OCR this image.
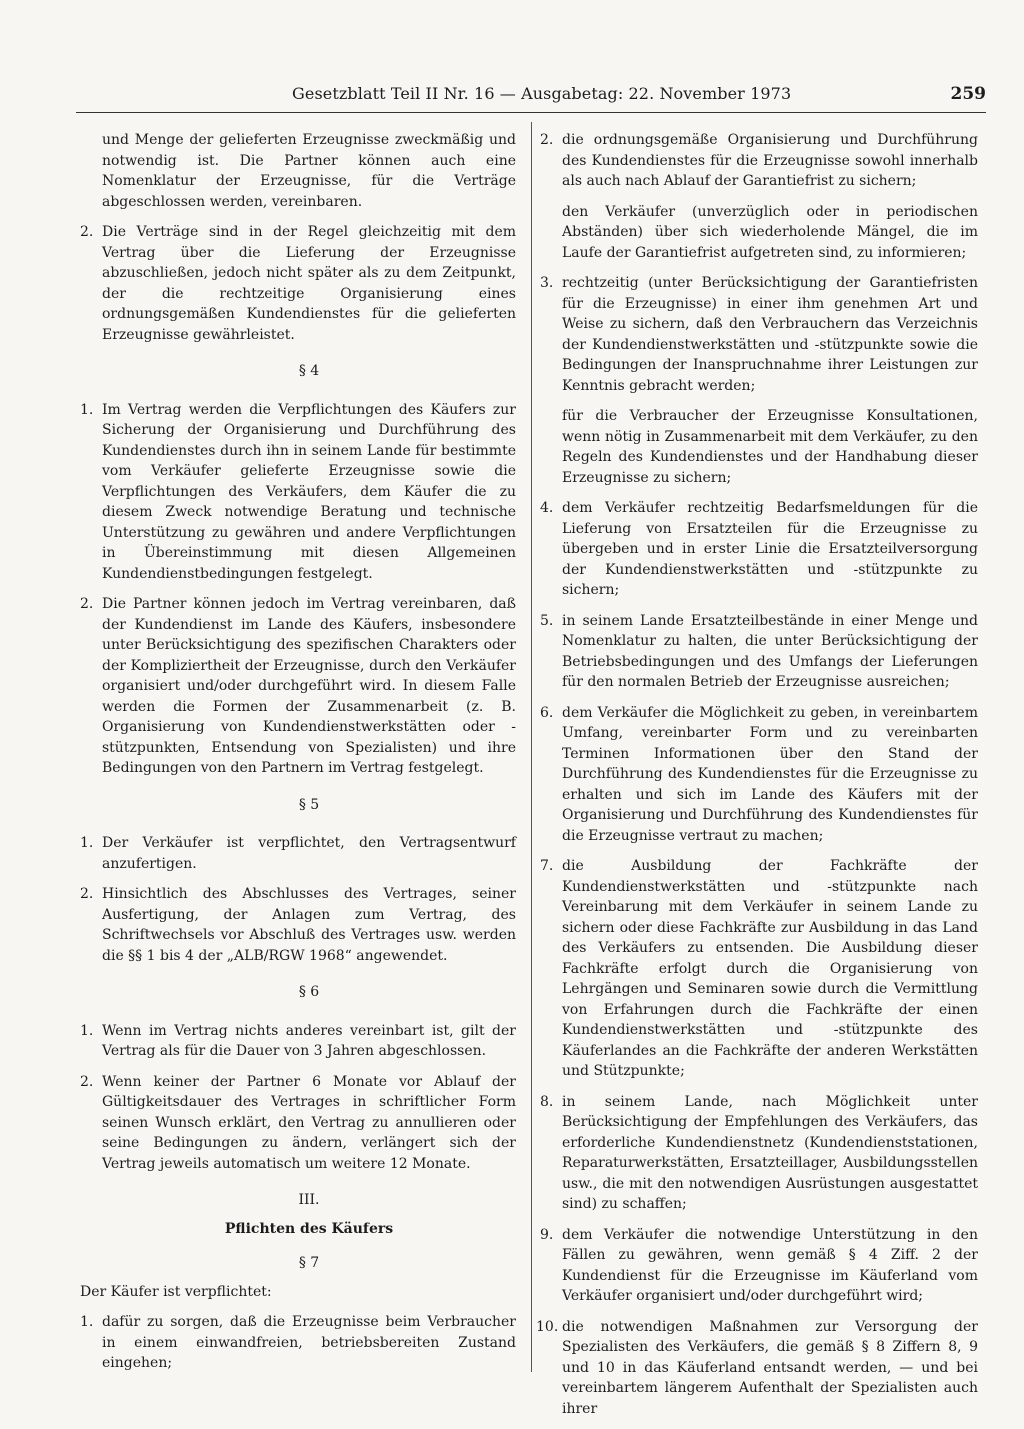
Gesetzblatt Teil II Nr. 16 — Ausgabetag: 22. November 1973	259
und Menge der gelieferten Erzeugnisse zweckmäßig und notwendig ist. Die Partner können auch eine Nomenklatur der Erzeugnisse, für die Verträge abgeschlossen werden, vereinbaren.
2. Die Verträge sind in der Regel gleichzeitig mit dem Vertrag über die Lieferung der Erzeugnisse abzuschließen, jedoch nicht später als zu dem Zeitpunkt, der die rechtzeitige Organisierung eines ordnungsgemäßen Kundendienstes für die gelieferten Erzeugnisse gewährleistet.
§ 4
1. Im Vertrag werden die Verpflichtungen des Käufers zur Sicherung der Organisierung und Durchführung des Kundendienstes durch ihn in seinem Lande für bestimmte vom Verkäufer gelieferte Erzeugnisse sowie die Verpflichtungen des Verkäufers, dem Käufer die zu diesem Zweck notwendige Beratung und technische Unterstützung zu gewähren und andere Verpflichtungen in Übereinstimmung mit diesen Allgemeinen Kundendienstbedingungen festgelegt.
2. Die Partner können jedoch im Vertrag vereinbaren, daß der Kundendienst im Lande des Käufers, insbesondere unter Berücksichtigung des spezifischen Charakters oder der Kompliziertheit der Erzeugnisse, durch den Verkäufer organisiert und/oder durchgeführt wird. In diesem Falle werden die Formen der Zusammenarbeit (z. B. Organisierung von Kundendienstwerkstätten oder -stützpunkten, Entsendung von Spezialisten) und ihre Bedingungen von den Partnern im Vertrag festgelegt.
§ 5
1. Der Verkäufer ist verpflichtet, den Vertragsentwurf anzufertigen.
2. Hinsichtlich des Abschlusses des Vertrages, seiner Ausfertigung, der Anlagen zum Vertrag, des Schriftwechsels vor Abschluß des Vertrages usw. werden die §§ 1 bis 4 der „ALB/RGW 1968“ angewendet.
§ 6
1. Wenn im Vertrag nichts anderes vereinbart ist, gilt der Vertrag als für die Dauer von 3 Jahren abgeschlossen.
2. Wenn keiner der Partner 6 Monate vor Ablauf der Gültigkeitsdauer des Vertrages in schriftlicher Form seinen Wunsch erklärt, den Vertrag zu annullieren oder seine Bedingungen zu ändern, verlängert sich der Vertrag jeweils automatisch um weitere 12 Monate.
III.
Pflichten des Käufers
§ 7
Der Käufer ist verpflichtet:
1. dafür zu sorgen, daß die Erzeugnisse beim Verbraucher in einem einwandfreien, betriebsbereiten Zustand eingehen;
2. die ordnungsgemäße Organisierung und Durchführung des Kundendienstes für die Erzeugnisse sowohl innerhalb als auch nach Ablauf der Garantiefrist zu sichern;
den Verkäufer (unverzüglich oder in periodischen Abständen) über sich wiederholende Mängel, die im Laufe der Garantiefrist aufgetreten sind, zu informieren;
3. rechtzeitig (unter Berücksichtigung der Garantiefristen für die Erzeugnisse) in einer ihm genehmen Art und Weise zu sichern, daß den Verbrauchern das Verzeichnis der Kundendienstwerkstätten und -stützpunkte sowie die Bedingungen der Inanspruchnahme ihrer Leistungen zur Kenntnis gebracht werden;
für die Verbraucher der Erzeugnisse Konsultationen, wenn nötig in Zusammenarbeit mit dem Verkäufer, zu den Regeln des Kundendienstes und der Handhabung dieser Erzeugnisse zu sichern;
4. dem Verkäufer rechtzeitig Bedarfsmeldungen für die Lieferung von Ersatzteilen für die Erzeugnisse zu übergeben und in erster Linie die Ersatzteilversorgung der Kundendienstwerkstätten und -stützpunkte zu sichern;
5. in seinem Lande Ersatzteilbestände in einer Menge und Nomenklatur zu halten, die unter Berücksichtigung der Betriebsbedingungen und des Umfangs der Lieferungen für den normalen Betrieb der Erzeugnisse ausreichen;
6. dem Verkäufer die Möglichkeit zu geben, in vereinbartem Umfang, vereinbarter Form und zu vereinbarten Terminen Informationen über den Stand der Durchführung des Kundendienstes für die Erzeugnisse zu erhalten und sich im Lande des Käufers mit der Organisierung und Durchführung des Kundendienstes für die Erzeugnisse vertraut zu machen;
7. die Ausbildung der Fachkräfte der Kundendienstwerkstätten und -stützpunkte nach Vereinbarung mit dem Verkäufer in seinem Lande zu sichern oder diese Fachkräfte zur Ausbildung in das Land des Verkäufers zu entsenden. Die Ausbildung dieser Fachkräfte erfolgt durch die Organisierung von Lehrgängen und Seminaren sowie durch die Vermittlung von Erfahrungen durch die Fachkräfte der einen Kundendienstwerkstätten und -stützpunkte des Käuferlandes an die Fachkräfte der anderen Werkstätten und Stützpunkte;
8. in seinem Lande, nach Möglichkeit unter Berücksichtigung der Empfehlungen des Verkäufers, das erforderliche Kundendienstnetz (Kundendienststationen, Reparaturwerkstätten, Ersatzteillager, Ausbildungsstellen usw., die mit den notwendigen Ausrüstungen ausgestattet sind) zu schaffen;
9. dem Verkäufer die notwendige Unterstützung in den Fällen zu gewähren, wenn gemäß § 4 Ziff. 2 der Kundendienst für die Erzeugnisse im Käuferland vom Verkäufer organisiert und/oder durchgeführt wird;
10. die notwendigen Maßnahmen zur Versorgung der Spezialisten des Verkäufers, die gemäß § 8 Ziffern 8, 9 und 10 in das Käuferland entsandt werden, — und bei vereinbartem längerem Aufenthalt der Spezialisten auch ihrer
